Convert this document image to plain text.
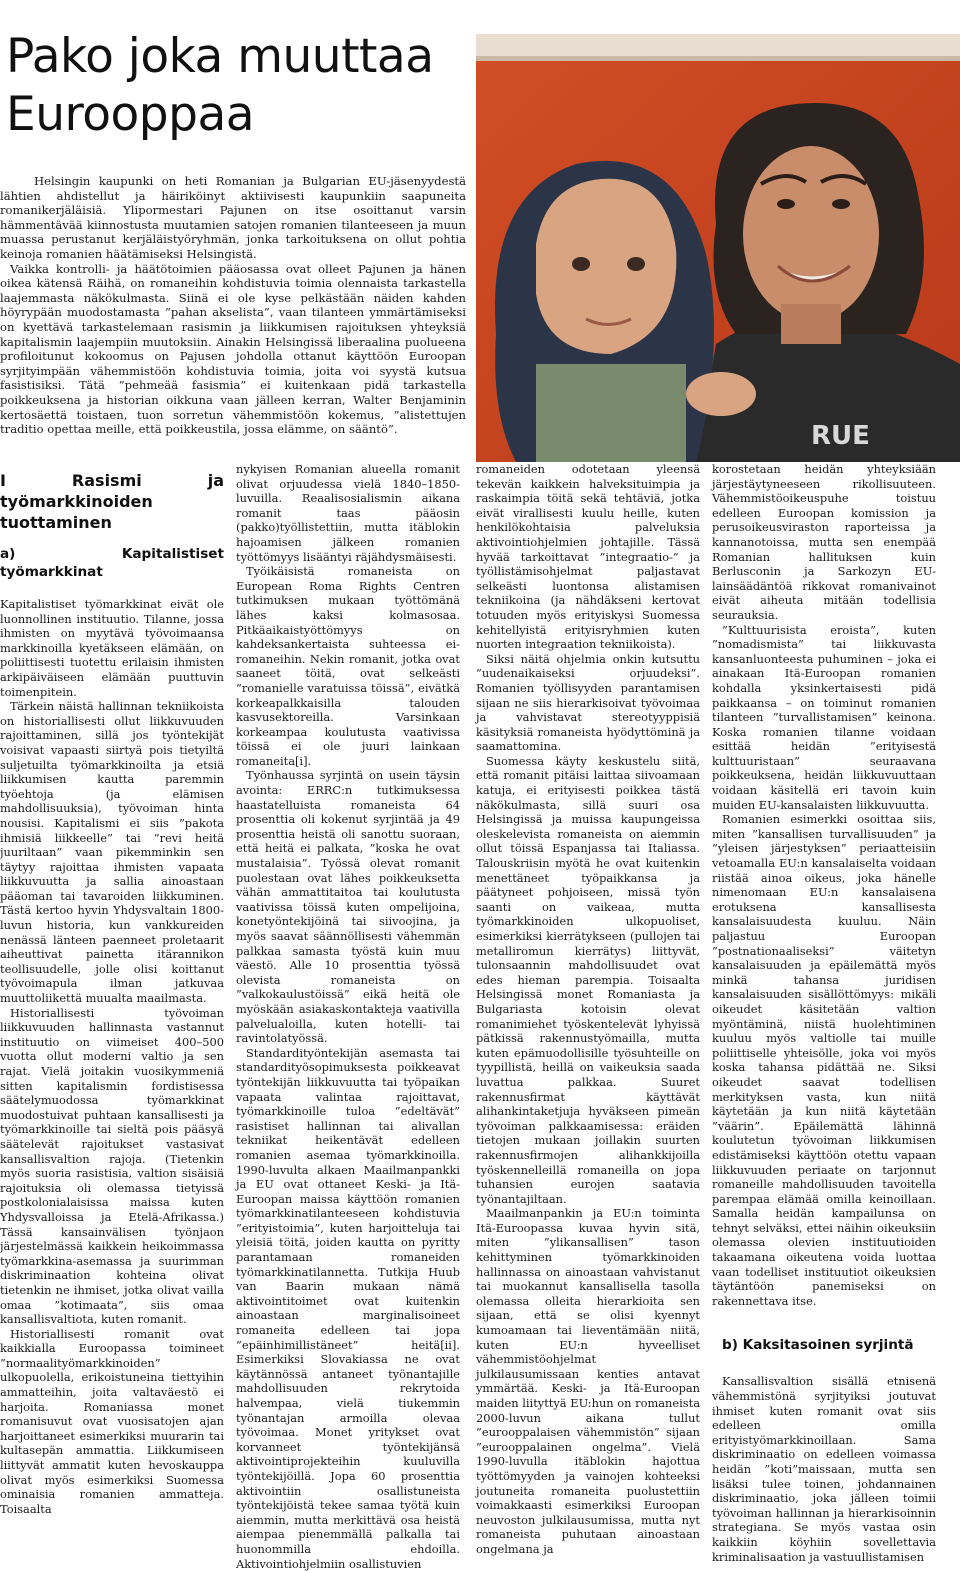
Pako joka muuttaa Eurooppaa

Helsingin kaupunki on heti Romanian ja Bulgarian EU-jäsenyydestä lähtien ahdistellut ja häiriköinyt aktiivisesti kaupunkiin saapuneita romanikerjäläisiä. Ylipormestari Pajunen on itse osoittanut varsin hämmentävää kiinnostusta muutamien satojen romanien tilanteeseen ja muun muassa perustanut kerjäläistyöryhmän, jonka tarkoituksena on ollut pohtia keinoja romanien häätämiseksi Helsingistä.

Vaikka kontrolli- ja häätötoimien pääosassa ovat olleet Pajunen ja hänen oikea kätensä Räihä, on romaneihin kohdistuvia toimia olennaista tarkastella laajemmasta näkökulmasta. Siinä ei ole kyse pelkästään näiden kahden höyrypään muodostamasta ”pahan akselista”, vaan tilanteen ymmärtämiseksi on kyettävä tarkastelemaan rasismin ja liikkumisen rajoituksen yhteyksiä kapitalismin laajempiin muutoksiin. Ainakin Helsingissä liberaalina puolueena profiloitunut kokoomus on Pajusen johdolla ottanut käyttöön Euroopan syrjityimpään vähemmistöön kohdistuvia toimia, joita voi syystä kutsua fasistisiksi. Tätä ”pehmeää fasismia” ei kuitenkaan pidä tarkastella poikkeuksena ja historian oikkuna vaan jälleen kerran, Walter Benjaminin kertosäettä toistaen, tuon sorretun vähemmistöön kokemus, ”alistettujen traditio opettaa meille, että poikkeustila, jossa elämme, on sääntö”.	RUE
I Rasismi ja työmarkkinoiden tuottaminen
a) Kapitalistiset työmarkkinat

Kapitalistiset työmarkkinat eivät ole luonnollinen instituutio. Tilanne, jossa ihmisten on myytävä työvoimaansa markkinoilla kyetäkseen elämään, on poliittisesti tuotettu erilaisin ihmisten arkipäiväiseen elämään puuttuvin toimenpitein.

Tärkein näistä hallinnan tekniikoista on historiallisesti ollut liikkuvuuden rajoittaminen, sillä jos työntekijät voisivat vapaasti siirtyä pois tietyiltä suljetuilta työmarkkinoilta ja etsiä liikkumisen kautta paremmin työehtoja (ja elämisen mahdollisuuksia), työvoiman hinta nousisi. Kapitalismi ei siis ”pakota ihmisiä liikkeelle” tai ”revi heitä juuriltaan” vaan pikemminkin sen täytyy rajoittaa ihmisten vapaata liikkuvuutta ja sallia ainoastaan pääoman tai tavaroiden liikkuminen. Tästä kertoo hyvin Yhdysvaltain 1800-luvun historia, kun vankkureiden nenässä länteen paenneet proletaarit aiheuttivat painetta itärannikon teollisuudelle, jolle olisi koittanut työvoimapula ilman jatkuvaa muuttoliikettä muualta maailmasta.

Historiallisesti työvoiman liikkuvuuden hallinnasta vastannut instituutio on viimeiset 400–500 vuotta ollut moderni valtio ja sen rajat. Vielä joitakin vuosikymmeniä sitten kapitalismin fordistisessa säätelymuodossa työmarkkinat muodostuivat puhtaan kansallisesti ja työmarkkinoille tai sieltä pois pääsyä säätelevät rajoitukset vastasivat kansallisvaltion rajoja. (Tietenkin myös suoria rasistisia, valtion sisäisiä rajoituksia oli olemassa tietyissä postkolonialaisissa maissa kuten Yhdysvalloissa ja Etelä-Afrikassa.) Tässä kansainvälisen työnjaon järjestelmässä kaikkein heikoimmassa työmarkkina-asemassa ja suurimman diskriminaation kohteina olivat tietenkin ne ihmiset, jotka olivat vailla omaa ”kotimaata”, siis omaa kansallisvaltiota, kuten romanit.

Historiallisesti romanit ovat kaikkialla Euroopassa toimineet ”normaalityömarkkinoiden” ulkopuolella, erikoistuneina tiettyihin ammatteihin, joita valtaväestö ei harjoita. Romaniassa monet romanisuvut ovat vuosisatojen ajan harjoittaneet esimerkiksi muurarin tai kultasepän ammattia. Liikkumiseen liittyvät ammatit kuten hevoskauppa olivat myös esimerkiksi Suomessa ominaisia romanien ammatteja. Toisaalta

nykyisen Romanian alueella romanit olivat orjuudessa vielä 1840–1850-luvuilla. Reaalisosialismin aikana romanit taas pääosin (pakko)työllistettiin, mutta itäblokin hajoamisen jälkeen romanien työttömyys lisääntyi räjähdysmäisesti.

Työikäisistä romaneista on European Roma Rights Centren tutkimuksen mukaan työttömänä lähes kaksi kolmasosaa. Pitkäaikaistyöttömyys on kahdeksankertaista suhteessa ei-romaneihin. Nekin romanit, jotka ovat saaneet töitä, ovat selkeästi ”romanielle varatuissa töissä”, eivätkä korkeapalkkaisilla talouden kasvusektoreilla. Varsinkaan korkeampaa koulutusta vaativissa töissä ei ole juuri lainkaan romaneita[i].

Työnhaussa syrjintä on usein täysin avointa: ERRC:n tutkimuksessa haastatelluista romaneista 64 prosenttia oli kokenut syrjintää ja 49 prosenttia heistä oli sanottu suoraan, että heitä ei palkata, ”koska he ovat mustalaisia”. Työssä olevat romanit puolestaan ovat lähes poikkeuksetta vähän ammattitaitoa tai koulutusta vaativissa töissä kuten ompelijoina, konetyöntekijöinä tai siivoojina, ja myös saavat säännöllisesti vähemmän palkkaa samasta työstä kuin muu väestö. Alle 10 prosenttia työssä olevista romaneista on ”valkokaulustöissä” eikä heitä ole myöskään asiakaskontakteja vaativilla palvelualoilla, kuten hotelli- tai ravintolatyössä.

Standardityöntekijän asemasta tai standardityösopimuksesta poikkeavat työntekijän liikkuvuutta tai työpaikan vapaata valintaa rajoittavat, työmarkkinoille tuloa ”edeltävät” rasistiset hallinnan tai alivallan tekniikat heikentävät edelleen romanien asemaa työmarkkinoilla. 1990-luvulta alkaen Maailmanpankki ja EU ovat ottaneet Keski- ja Itä-Euroopan maissa käyttöön romanien työmarkkinatilanteeseen kohdistuvia ”erityistoimia”, kuten harjoitteluja tai yleisiä töitä, joiden kautta on pyritty parantamaan romaneiden työmarkkinatilannetta. Tutkija Huub van Baarin mukaan nämä aktivointitoimet ovat kuitenkin ainoastaan marginalisoineet romaneita edelleen tai jopa ”epäinhimillistäneet” heitä[ii]. Esimerkiksi Slovakiassa ne ovat käytännössä antaneet työnantajille mahdollisuuden rekrytoida halvempaa, vielä tiukemmin työnantajan armoilla olevaa työvoimaa. Monet yritykset ovat korvanneet työntekijänsä aktivointiprojekteihin kuuluvilla työntekijöillä. Jopa 60 prosenttia aktivointiin osallistuneista työntekijöistä tekee samaa työtä kuin aiemmin, mutta merkittävä osa heistä aiempaa pienemmällä palkalla tai huonommilla ehdoilla. Aktivointiohjelmiin osallistuvien

romaneiden odotetaan yleensä tekevän kaikkein halveksituimpia ja raskaimpia töitä sekä tehtäviä, jotka eivät virallisesti kuulu heille, kuten henkilökohtaisia palveluksia aktivointiohjelmien johtajille. Tässä hyvää tarkoittavat ”integraatio-” ja työllistämisohjelmat paljastavat selkeästi luontonsa alistamisen tekniikoina (ja nähdäkseni kertovat totuuden myös erityiskysi Suomessa kehitellyistä erityisryhmien kuten nuorten integraation tekniikoista).

Siksi näitä ohjelmia onkin kutsuttu ”uudenaikaiseksi orjuudeksi”. Romanien työllisyyden parantamisen sijaan ne siis hierarkisoivat työvoimaa ja vahvistavat stereotyyppisiä käsityksiä romaneista hyödyttöminä ja saamattomina.

Suomessa käyty keskustelu siitä, että romanit pitäisi laittaa siivoamaan katuja, ei erityisesti poikkea tästä näkökulmasta, sillä suuri osa Helsingissä ja muissa kaupungeissa oleskelevista romaneista on aiemmin ollut töissä Espanjassa tai Italiassa. Talouskriisin myötä he ovat kuitenkin menettäneet työpaikkansa ja päätyneet pohjoiseen, missä työn saanti on vaikeaa, mutta työmarkkinoiden ulkopuoliset, esimerkiksi kierrätykseen (pullojen tai metalliromun kierrätys) liittyvät, tulonsaannin mahdollisuudet ovat edes hieman parempia. Toisaalta Helsingissä monet Romaniasta ja Bulgariasta kotoisin olevat romanimiehet työskentelevät lyhyissä pätkissä rakennustyömailla, mutta kuten epämuodollisille työsuhteille on tyypillistä, heillä on vaikeuksia saada luvattua palkkaa. Suuret rakennusfirmat käyttävät alihankintaketjuja hyväkseen pimeän työvoiman palkkaamisessa: eräiden tietojen mukaan joillakin suurten rakennusfirmojen alihankkijoilla työskennelleillä romaneilla on jopa tuhansien eurojen saatavia työnantajiltaan.

Maailmanpankin ja EU:n toiminta Itä-Euroopassa kuvaa hyvin sitä, miten ”ylikansallisen” tason kehittyminen työmarkkinoiden hallinnassa on ainoastaan vahvistanut tai muokannut kansallisella tasolla olemassa olleita hierarkioita sen sijaan, että se olisi kyennyt kumoamaan tai lieventämään niitä, kuten EU:n hyveelliset vähemmistöohjelmat julkilausumissaan kenties antavat ymmärtää. Keski- ja Itä-Euroopan maiden liityttyä EU:hun on romaneista 2000-luvun aikana tullut ”eurooppalaisen vähemmistön” sijaan ”eurooppalainen ongelma”. Vielä 1990-luvulla itäblokin hajottua työttömyyden ja vainojen kohteeksi joutuneita romaneita puolustettiin voimakkaasti esimerkiksi Euroopan neuvoston julkilausumissa, mutta nyt romaneista puhutaan ainoastaan ongelmana ja

korostetaan heidän yhteyksiään järjestäytyneeseen rikollisuuteen. Vähemmistöoikeuspuhe toistuu edelleen Euroopan komission ja perusoikeusviraston raporteissa ja kannanotoissa, mutta sen enempää Romanian hallituksen kuin Berlusconin ja Sarkozyn EU-lainsäädäntöä rikkovat romanivainot eivät aiheuta mitään todellisia seurauksia.

”Kulttuurisista eroista”, kuten ”nomadismista” tai liikkuvasta kansanluonteesta puhuminen – joka ei ainakaan Itä-Euroopan romanien kohdalla yksinkertaisesti pidä paikkaansa – on toiminut romanien tilanteen ”turvallistamisen” keinona. Koska romanien tilanne voidaan esittää heidän ”erityisestä kulttuuristaan” seuraavana poikkeuksena, heidän liikkuvuuttaan voidaan käsitellä eri tavoin kuin muiden EU-kansalaisten liikkuvuutta.

Romanien esimerkki osoittaa siis, miten ”kansallisen turvallisuuden” ja ”yleisen järjestyksen” periaatteisiin vetoamalla EU:n kansalaiselta voidaan riistää ainoa oikeus, joka hänelle nimenomaan EU:n kansalaisena erotuksena kansallisesta kansalaisuudesta kuuluu. Näin paljastuu Euroopan ”postnationaaliseksi” väitetyn kansalaisuuden ja epäilemättä myös minkä tahansa juridisen kansalaisuuden sisällöttömyys: mikäli oikeudet käsitetään valtion myöntäminä, niistä huolehtiminen kuuluu myös valtiolle tai muille poliittiselle yhteisölle, joka voi myös koska tahansa pidättää ne. Siksi oikeudet saavat todellisen merkityksen vasta, kun niitä käytetään ja kun niitä käytetään ”väärin”. Epäilemättä lähinnä koulutetun työvoiman liikkumisen edistämiseksi käyttöön otettu vapaan liikkuvuuden periaate on tarjonnut romaneille mahdollisuuden tavoitella parempaa elämää omilla keinoillaan. Samalla heidän kampailunsa on tehnyt selväksi, ettei näihin oikeuksiin olemassa olevien instituutioiden takaamana oikeutena voida luottaa vaan todelliset instituutiot oikeuksien täytäntöön panemiseksi on rakennettava itse.

b) Kaksitasoinen syrjintä

Kansallisvaltion sisällä etnisenä vähemmistönä syrjityiksi joutuvat ihmiset kuten romanit ovat siis edelleen omilla erityistyömarkkinoillaan. Sama diskriminaatio on edelleen voimassa heidän ”koti”maissaan, mutta sen lisäksi tulee toinen, johdannainen diskriminaatio, joka jälleen toimii työvoiman hallinnan ja hierarkisoinnin strategiana. Se myös vastaa osin kaikkiin köyhiin sovellettavia kriminalisaation ja vastuullistamisen
